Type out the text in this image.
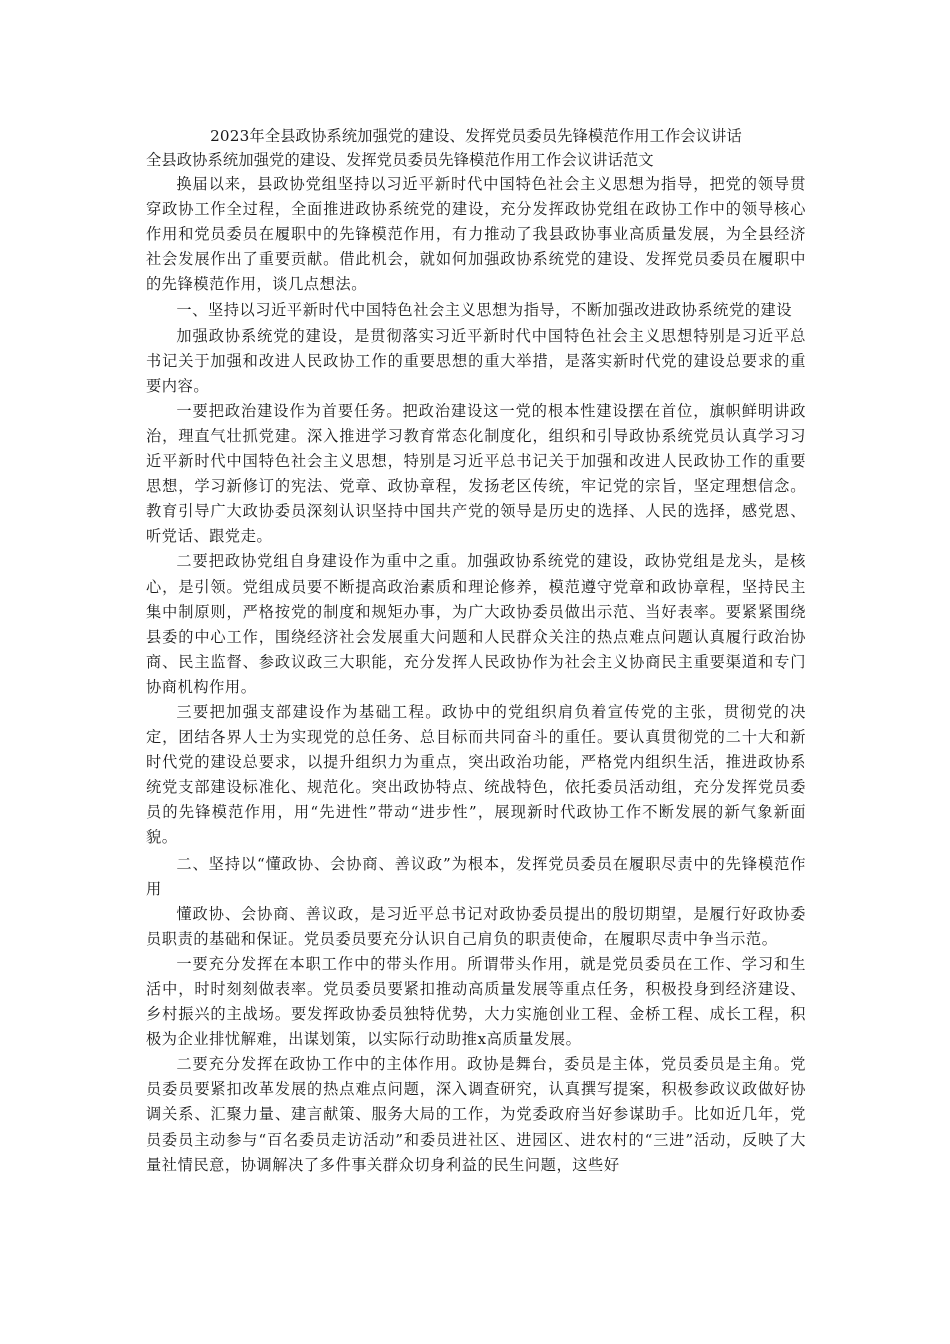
2023年全县政协系统加强党的建设、发挥党员委员先锋模范作用工作会议讲话

全县政协系统加强党的建设、发挥党员委员先锋模范作用工作会议讲话范文

换届以来，县政协党组坚持以习近平新时代中国特色社会主义思想为指导，把党的领导贯穿政协工作全过程，全面推进政协系统党的建设，充分发挥政协党组在政协工作中的领导核心作用和党员委员在履职中的先锋模范作用，有力推动了我县政协事业高质量发展，为全县经济社会发展作出了重要贡献。借此机会，就如何加强政协系统党的建设、发挥党员委员在履职中的先锋模范作用，谈几点想法。

一、坚持以习近平新时代中国特色社会主义思想为指导，不断加强改进政协系统党的建设

加强政协系统党的建设，是贯彻落实习近平新时代中国特色社会主义思想特别是习近平总书记关于加强和改进人民政协工作的重要思想的重大举措，是落实新时代党的建设总要求的重要内容。

一要把政治建设作为首要任务。把政治建设这一党的根本性建设摆在首位，旗帜鲜明讲政治，理直气壮抓党建。深入推进学习教育常态化制度化，组织和引导政协系统党员认真学习习近平新时代中国特色社会主义思想，特别是习近平总书记关于加强和改进人民政协工作的重要思想，学习新修订的宪法、党章、政协章程，发扬老区传统，牢记党的宗旨，坚定理想信念。教育引导广大政协委员深刻认识坚持中国共产党的领导是历史的选择、人民的选择，感党恩、听党话、跟党走。

二要把政协党组自身建设作为重中之重。加强政协系统党的建设，政协党组是龙头，是核心，是引领。党组成员要不断提高政治素质和理论修养，模范遵守党章和政协章程，坚持民主集中制原则，严格按党的制度和规矩办事，为广大政协委员做出示范、当好表率。要紧紧围绕县委的中心工作，围绕经济社会发展重大问题和人民群众关注的热点难点问题认真履行政治协商、民主监督、参政议政三大职能，充分发挥人民政协作为社会主义协商民主重要渠道和专门协商机构作用。

三要把加强支部建设作为基础工程。政协中的党组织肩负着宣传党的主张，贯彻党的决定，团结各界人士为实现党的总任务、总目标而共同奋斗的重任。要认真贯彻党的二十大和新时代党的建设总要求，以提升组织力为重点，突出政治功能，严格党内组织生活，推进政协系统党支部建设标准化、规范化。突出政协特点、统战特色，依托委员活动组，充分发挥党员委员的先锋模范作用，用“先进性”带动“进步性”，展现新时代政协工作不断发展的新气象新面貌。

二、坚持以“懂政协、会协商、善议政”为根本，发挥党员委员在履职尽责中的先锋模范作用

懂政协、会协商、善议政，是习近平总书记对政协委员提出的殷切期望，是履行好政协委员职责的基础和保证。党员委员要充分认识自己肩负的职责使命，在履职尽责中争当示范。

一要充分发挥在本职工作中的带头作用。所谓带头作用，就是党员委员在工作、学习和生活中，时时刻刻做表率。党员委员要紧扣推动高质量发展等重点任务，积极投身到经济建设、乡村振兴的主战场。要发挥政协委员独特优势，大力实施创业工程、金桥工程、成长工程，积极为企业排忧解难，出谋划策，以实际行动助推x高质量发展。

二要充分发挥在政协工作中的主体作用。政协是舞台，委员是主体，党员委员是主角。党员委员要紧扣改革发展的热点难点问题，深入调查研究，认真撰写提案，积极参政议政做好协调关系、汇聚力量、建言献策、服务大局的工作，为党委政府当好参谋助手。比如近几年，党员委员主动参与“百名委员走访活动”和委员进社区、进园区、进农村的“三进”活动，反映了大量社情民意，协调解决了多件事关群众切身利益的民生问题，这些好
